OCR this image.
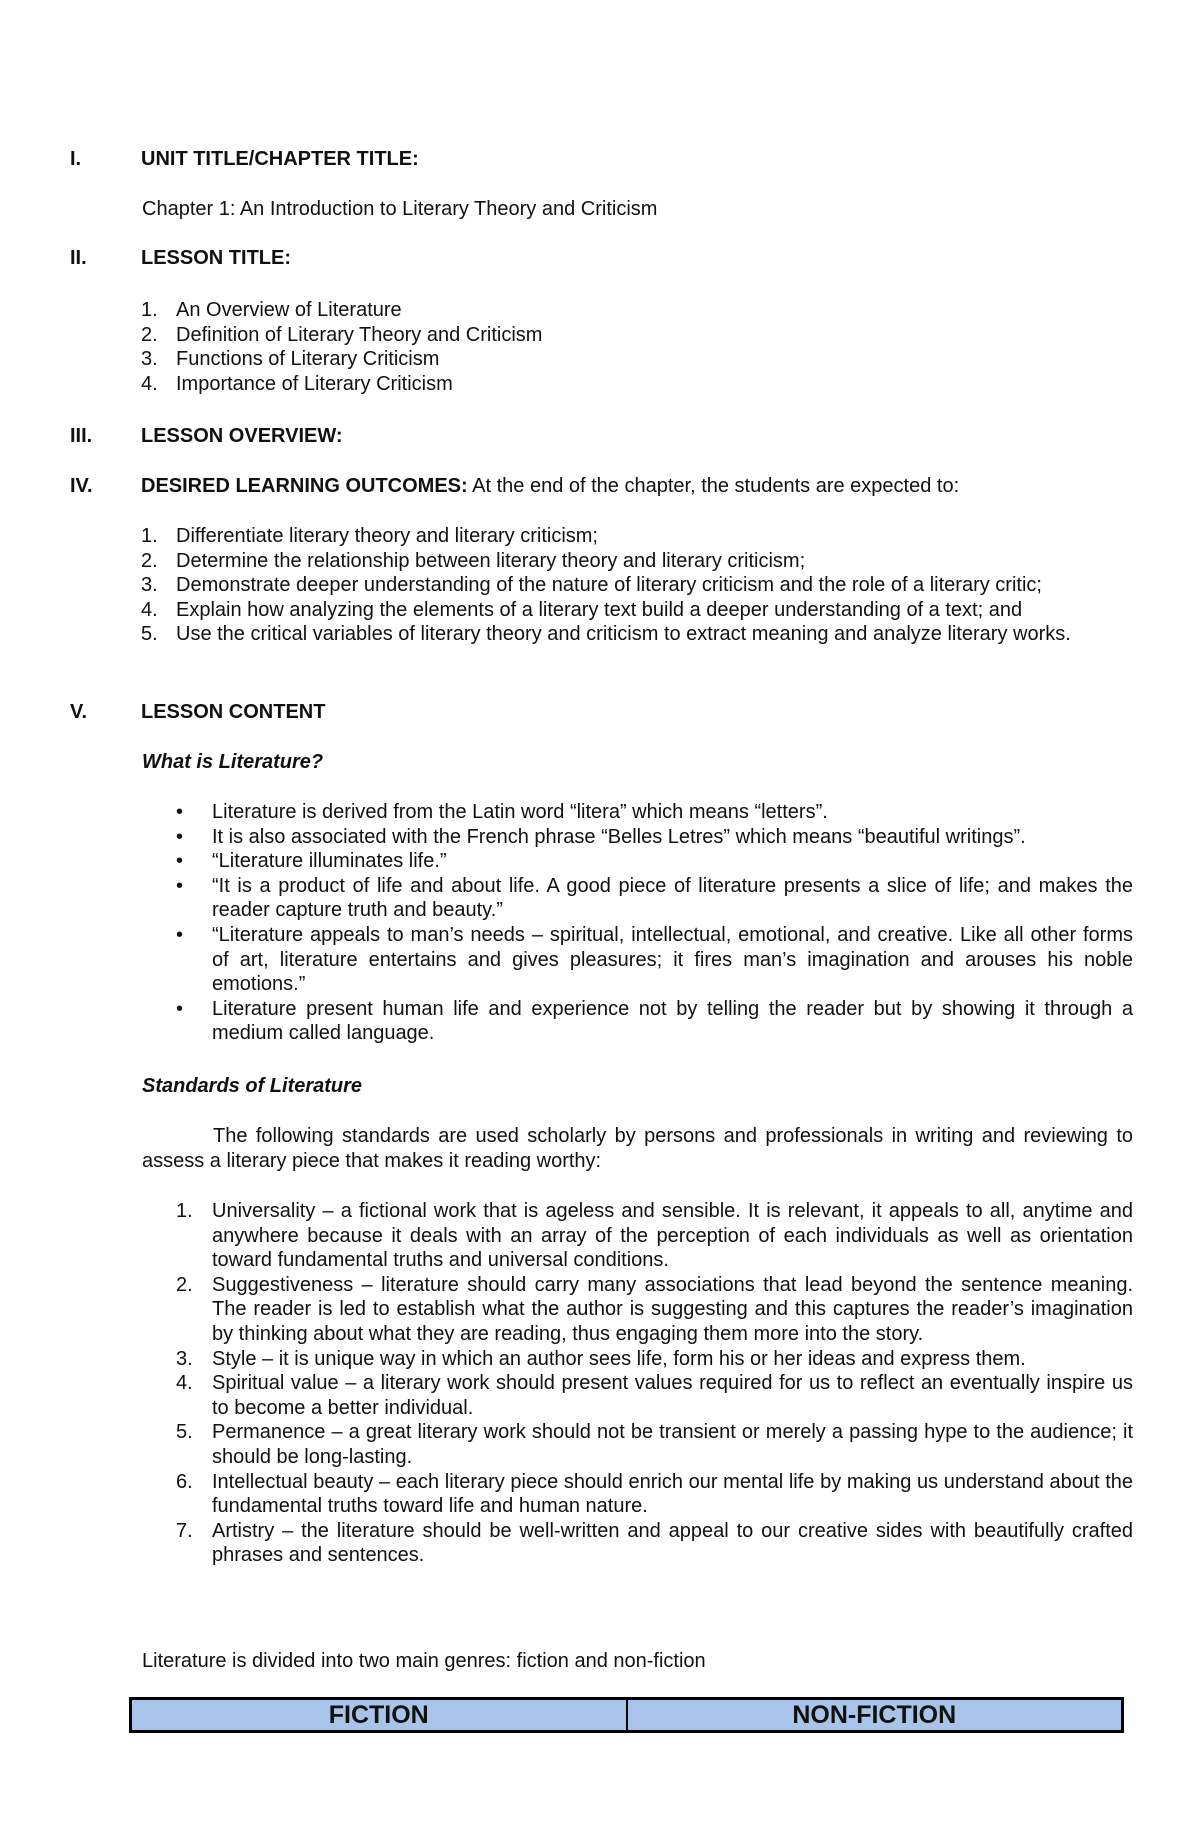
I.	UNIT TITLE/CHAPTER TITLE:
Chapter 1: An Introduction to Literary Theory and Criticism
II.	LESSON TITLE:
1. An Overview of Literature
2. Definition of Literary Theory and Criticism
3. Functions of Literary Criticism
4. Importance of Literary Criticism
III. LESSON OVERVIEW:
IV. DESIRED LEARNING OUTCOMES: At the end of the chapter, the students are expected to:
1. Differentiate literary theory and literary criticism;
2. Determine the relationship between literary theory and literary criticism;
3. Demonstrate deeper understanding of the nature of literary criticism and the role of a literary critic;
4. Explain how analyzing the elements of a literary text build a deeper understanding of a text; and
5. Use the critical variables of literary theory and criticism to extract meaning and analyze literary works.
V.	LESSON CONTENT
What is Literature?
• Literature is derived from the Latin word “litera” which means “letters”.
• It is also associated with the French phrase “Belles Letres” which means “beautiful writings”.
• “Literature illuminates life.”
• “It is a product of life and about life. A good piece of literature presents a slice of life; and makes the reader capture truth and beauty.”
• “Literature appeals to man’s needs – spiritual, intellectual, emotional, and creative. Like all other forms of art, literature entertains and gives pleasures; it fires man’s imagination and arouses his noble emotions.”
• Literature present human life and experience not by telling the reader but by showing it through a medium called language.
Standards of Literature
The following standards are used scholarly by persons and professionals in writing and reviewing to assess a literary piece that makes it reading worthy:
1. Universality – a fictional work that is ageless and sensible. It is relevant, it appeals to all, anytime and anywhere because it deals with an array of the perception of each individuals as well as orientation toward fundamental truths and universal conditions.
2. Suggestiveness – literature should carry many associations that lead beyond the sentence meaning. The reader is led to establish what the author is suggesting and this captures the reader’s imagination by thinking about what they are reading, thus engaging them more into the story.
3. Style – it is unique way in which an author sees life, form his or her ideas and express them.
4. Spiritual value – a literary work should present values required for us to reflect an eventually inspire us to become a better individual.
5. Permanence – a great literary work should not be transient or merely a passing hype to the audience; it should be long-lasting.
6. Intellectual beauty – each literary piece should enrich our mental life by making us understand about the fundamental truths toward life and human nature.
7. Artistry – the literature should be well-written and appeal to our creative sides with beautifully crafted phrases and sentences.
Literature is divided into two main genres: fiction and non-fiction
FICTION	NON-FICTION
